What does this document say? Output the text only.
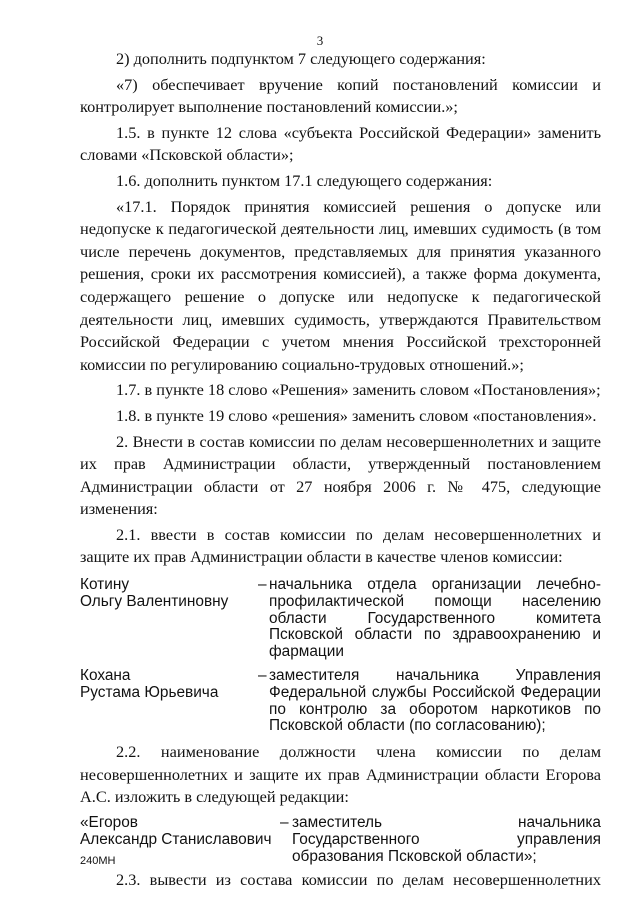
3

2) дополнить подпунктом 7 следующего содержания:

«7) обеспечивает вручение копий постановлений комиссии и контролирует выполнение постановлений комиссии.»;

1.5. в пункте 12 слова «субъекта Российской Федерации» заменить словами «Псковской области»;

1.6. дополнить пунктом 17.1 следующего содержания:

«17.1. Порядок принятия комиссией решения о допуске или недопуске к педагогической деятельности лиц, имевших судимость (в том числе перечень документов, представляемых для принятия указанного решения, сроки их рассмотрения комиссией), а также форма документа, содержащего решение о допуске или недопуске к педагогической деятельности лиц, имевших судимость, утверждаются Правительством Российской Федерации с учетом мнения Российской трехсторонней комиссии по регулированию социально-трудовых отношений.»;

1.7. в пункте 18 слово «Решения» заменить словом «Постановления»;

1.8. в пункте 19 слово «решения» заменить словом «постановления».

2. Внести в состав комиссии по делам несовершеннолетних и защите их прав Администрации области, утвержденный постановлением Администрации области от 27 ноября 2006 г. № 475, следующие изменения:

2.1. ввести в состав комиссии по делам несовершеннолетних и защите их прав Администрации области в качестве членов комиссии:

Котину
Ольгу Валентиновну
– начальника отдела организации лечебно-профилактической помощи населению области Государственного комитета Псковской области по здравоохранению и фармации
Кохана
Рустама Юрьевича
– заместителя начальника Управления Федеральной службы Российской Федерации по контролю за оборотом наркотиков по Псковской области (по согласованию);

2.2. наименование должности члена комиссии по делам несовершеннолетних и защите их прав Администрации области Егорова А.С. изложить в следующей редакции:

«Егоров
Александр Станиславович
– заместитель начальника Государственного управления образования Псковской области»;

2.3. вывести из состава комиссии по делам несовершеннолетних

240МН
